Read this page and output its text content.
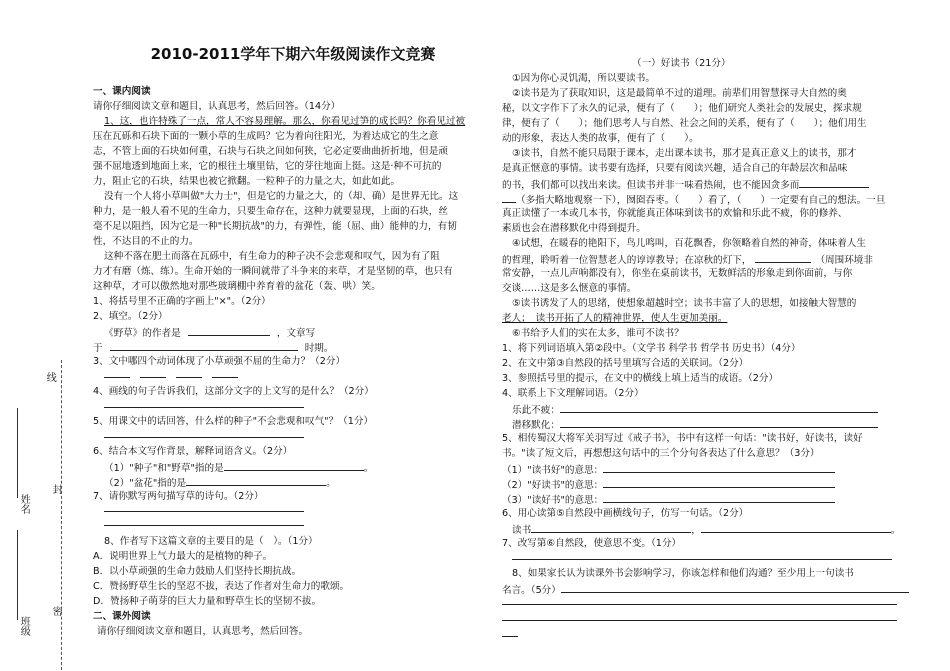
线
姓名
封
班级
密
2010-2011学年下期六年级阅读作文竞赛
一、课内阅读
请你仔细阅读文章和题目，认真思考，然后回答。（14分）
1、这，也许特殊了一点，常人不容易理解。那么，你看见过笋的成长吗？你看见过被
压在瓦砾和石块下面的一颗小草的生成吗？它为着向往阳光，为着达成它的生之意
志，不管上面的石块如何重，石块与石块之间如何狭，它必定要曲曲折折地，但是顽
强不屈地透到地面上来，它的根往土壤里钻，它的芽往地面上挺。这是·种不可抗的
力，阻止它的石块，结果也被它掀翻。一粒种子的力量之大，如此如此。
没有一个人将小草叫做"大力士"，但是它的力量之大，的（却、确）是世界无比。这
种力，是一般人看不见的生命力，只要生命存在，这种力就要显现，上面的石块，丝
毫不足以阻挡，因为它是一种"长期抗战"的力，有弹性，能（屈、曲）能伸的力，有韧
性，不达目的不止的力。
这种不落在肥土而落在瓦砾中，有生命力的种子决不会悲观和叹气，因为有了阻
力才有磨（炼、练）。生命开始的一瞬间就带了斗争来的来草，才是坚韧的草，也只有
这种草，才可以傲然地对那些玻璃棚中养育着的盆花（轰、哄）笑。
1、将括号里不正确的字画上"×"。（2分）
2、填空。（2分）
《野草》的作者是	，文章写
于	时期。
3、文中哪四个动词体现了小草顽强不屈的生命力？（2分）
4、画线的句子告诉我们，这部分文字的上文写的是什么？（2分）
5、用课文中的话回答，什么样的种子"不会悲观和叹气"？（1分）
6、结合本文写作背景，解释词语含义。（2分）
（1）"种子"和"野草"指的是	。
（2）"盆花"指的是	。
7、请你默写两句描写草的诗句。（2分）
8、作者写下这篇文章的主要目的是（　）。（1分）
A．说明世界上气力最大的是植物的种子。
B．以小草顽强的生命力鼓励人们坚持长期抗战。
C．赞扬野草生长的坚忍不拔，表达了作者对生命力的歌颂。
D．赞扬种子萌芽的巨大力量和野草生长的坚韧不拔。
二、课外阅读
请你仔细阅读文章和题目，认真思考，然后回答。
（一）好读书（21分）
①因为你心灵饥渴，所以要读书。
②读书是为了获取知识，这是最简单不过的道理。前辈们用智慧探寻大自然的奥
秘，以文字作下了永久的记录，便有了（　　）；他们研究人类社会的发展史，探求规
律，便有了（　　）；他们思考人与自然、社会之间的关系，便有了（　　）；他们用生
动的形象，表达人类的故事，便有了（　　）。
③读书，自然不能只局限于课本，走出课本读书，那才是真正意义上的读书，那才
是真正惬意的事情。读书要有选择，只要有阅读兴趣，适合自己的年龄层次和品味
的书，我们都可以找出来读。但读书并非一味看热闹，也不能因贪多而
（多指大略地观察一下），囫囵吞枣。（　　）看了，（　　）一定要有自己的想法。一旦
真正读懂了一本或几本书，你就能真正体味到读书的欢愉和乐此不疲，你的修养、
素质也会在潜移默化中得到提升。
④试想，在暖春的艳阳下，鸟儿鸣叫，百花飘香，你领略着自然的神奇，体味着人生
的哲理，聆听着一位智慧老人的谆谆教导；在凉秋的灯下，	（周围环境非
常安静，一点儿声响都没有），你坐在桌前读书，无数鲜活的形象走到你面前，与你
交谈……这是多么惬意的事情。
⑤读书诱发了人的思绪，使想象超越时空；读书丰富了人的思想，如接触大智慧的
老人；　读书开拓了人的精神世界，使人生更加美丽。
⑥书给予人们的实在太多，谁可不读书？
1、将下列词语填入第②段中。（文学书 科学书 哲学书 历史书）（4分）
2、在文中第③自然段的括号里填写合适的关联词。（2分）
3、参照括号里的提示，在文中的横线上填上适当的成语。（2分）
4、联系上下文理解词语。（2分）
乐此不疲：
潜移默化：
5、相传蜀汉大将军关羽写过《戒子书》，书中有这样一句话："读书好，好读书，读好
书。"读了短文后，再想想这句话中的三个分句各表达了什么意思？（3分）
（1）"读书好"的意思：
（2）"好读书"的意思：
（3）"读好书"的意思：
6、用心读第⑤自然段中画横线句子，仿写一句话。（2分）
读书	，	。
7、改写第⑥自然段，使意思不变。（1分）
8、如果家长认为读课外书会影响学习，你该怎样和他们沟通？至少用上一句读书
名言。（5分）
